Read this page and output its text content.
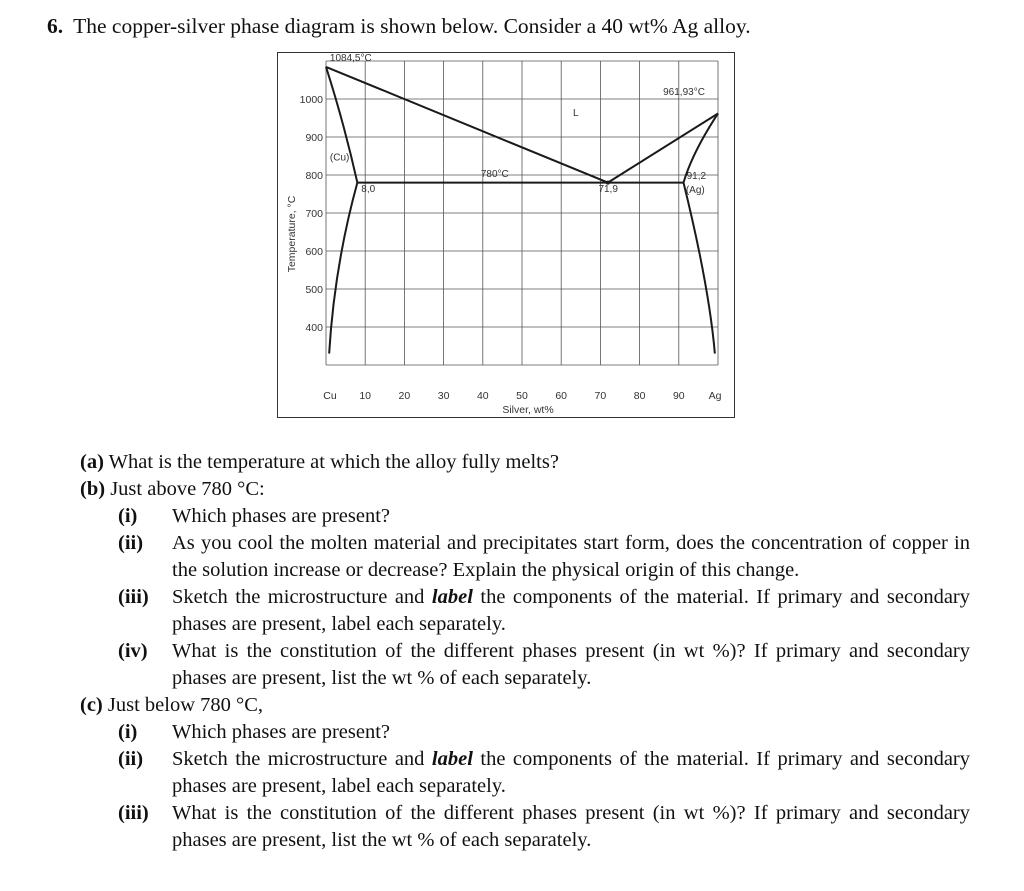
6. The copper-silver phase diagram is shown below. Consider a 40 wt% Ag alloy.
Cu 10	20	30	40	50	60	70	80	90 Ag
400
500
600
700
800
900
1000
1084,5°C
961,93°C
L
(Cu)
780°C
8,0	71,9
91,2
(Ag)
Silver, wt%
Temperature, °C
(a) What is the temperature at which the alloy fully melts?
(b) Just above 780 °C:
(i) Which phases are present?
(ii) As you cool the molten material and precipitates start form, does the concentration of copper in the solution increase or decrease? Explain the physical origin of this change.
(iii) Sketch the microstructure and label the components of the material. If primary and secondary phases are present, label each separately.
(iv) What is the constitution of the different phases present (in wt %)? If primary and secondary phases are present, list the wt % of each separately.
(c) Just below 780 °C,
(i) Which phases are present?
(ii) Sketch the microstructure and label the components of the material. If primary and secondary phases are present, label each separately.
(iii) What is the constitution of the different phases present (in wt %)? If primary and secondary phases are present, list the wt % of each separately.
